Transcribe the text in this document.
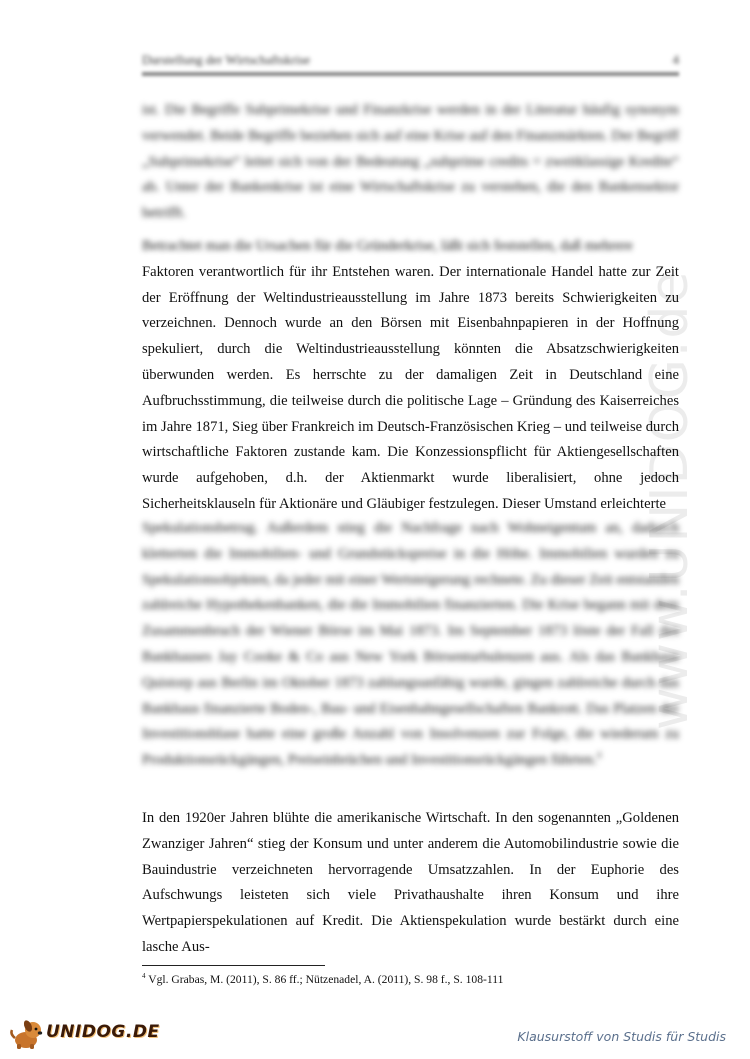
Darstellung der Wirtschaftskrise	4
www.UNIDOG.de
ist. Die Begriffe Subprimekrise und Finanzkrise werden in der Literatur häufig synonym verwendet. Beide Begriffe beziehen sich auf eine Krise auf den Finanzmärkten. Der Begriff „Subprimekrise“ leitet sich von der Bedeutung „subprime credits = zweitklassige Kredite“ ab. Unter der Bankenkrise ist eine Wirtschaftskrise zu verstehen, die den Bankensektor betrifft.
Betrachtet man die Ursachen für die Gründerkrise, läßt sich feststellen, daß mehrere
Faktoren verantwortlich für ihr Entstehen waren. Der internationale Handel hatte zur Zeit der Eröffnung der Weltindustrieausstellung im Jahre 1873 bereits Schwierigkeiten zu verzeichnen. Dennoch wurde an den Börsen mit Eisenbahnpapieren in der Hoffnung spekuliert, durch die Weltindustrieausstellung könnten die Absatzschwierigkeiten überwunden werden. Es herrschte zu der damaligen Zeit in Deutschland eine Aufbruchsstimmung, die teilweise durch die politische Lage – Gründung des Kaiserreiches im Jahre 1871, Sieg über Frankreich im Deutsch-Französischen Krieg – und teilweise durch wirtschaftliche Faktoren zustande kam. Die Konzessionspflicht für Aktiengesellschaften wurde aufgehoben, d.h. der Aktienmarkt wurde liberalisiert, ohne jedoch Sicherheitsklauseln für Aktionäre und Gläubiger festzulegen. Dieser Umstand erleichterte
Spekulationsbetrug. Außerdem stieg die Nachfrage nach Wohneigentum an, dadurch kletterten die Immobilien- und Grundstückspreise in die Höhe. Immobilien wurden zu Spekulationsobjekten, da jeder mit einer Wertsteigerung rechnete. Zu dieser Zeit entstanden zahlreiche Hypothekenbanken, die die Immobilien finanzierten. Die Krise begann mit dem Zusammenbruch der Wiener Börse im Mai 1873. Im September 1873 löste der Fall des Bankhauses Jay Cooke & Co aus New York Börsenturbulenzen aus. Als das Bankhaus Quistorp aus Berlin im Oktober 1873 zahlungsunfähig wurde, gingen zahlreiche durch das Bankhaus finanzierte Boden-, Bau- und Eisenbahngesellschaften Bankrott. Das Platzen der Investitionsblase hatte eine große Anzahl von Insolvenzen zur Folge, die wiederum zu Produktionsrückgängen, Preiseinbrüchen und Investitionsrückgängen führten.$^4$
In den 1920er Jahren blühte die amerikanische Wirtschaft. In den sogenannten „Goldenen Zwanziger Jahren“ stieg der Konsum und unter anderem die Automobilindustrie sowie die Bauindustrie verzeichneten hervorragende Umsatzzahlen. In der Euphorie des Aufschwungs leisteten sich viele Privathaushalte ihren Konsum und ihre Wertpapierspekulationen auf Kredit. Die Aktienspekulation wurde bestärkt durch eine lasche Aus-
$^4$ Vgl. Grabas, M. (2011), S. 86 ff.; Nützenadel, A. (2011), S. 98 f., S. 108-111
UNIDOG.DE	Klausurstoff von Studis für Studis
